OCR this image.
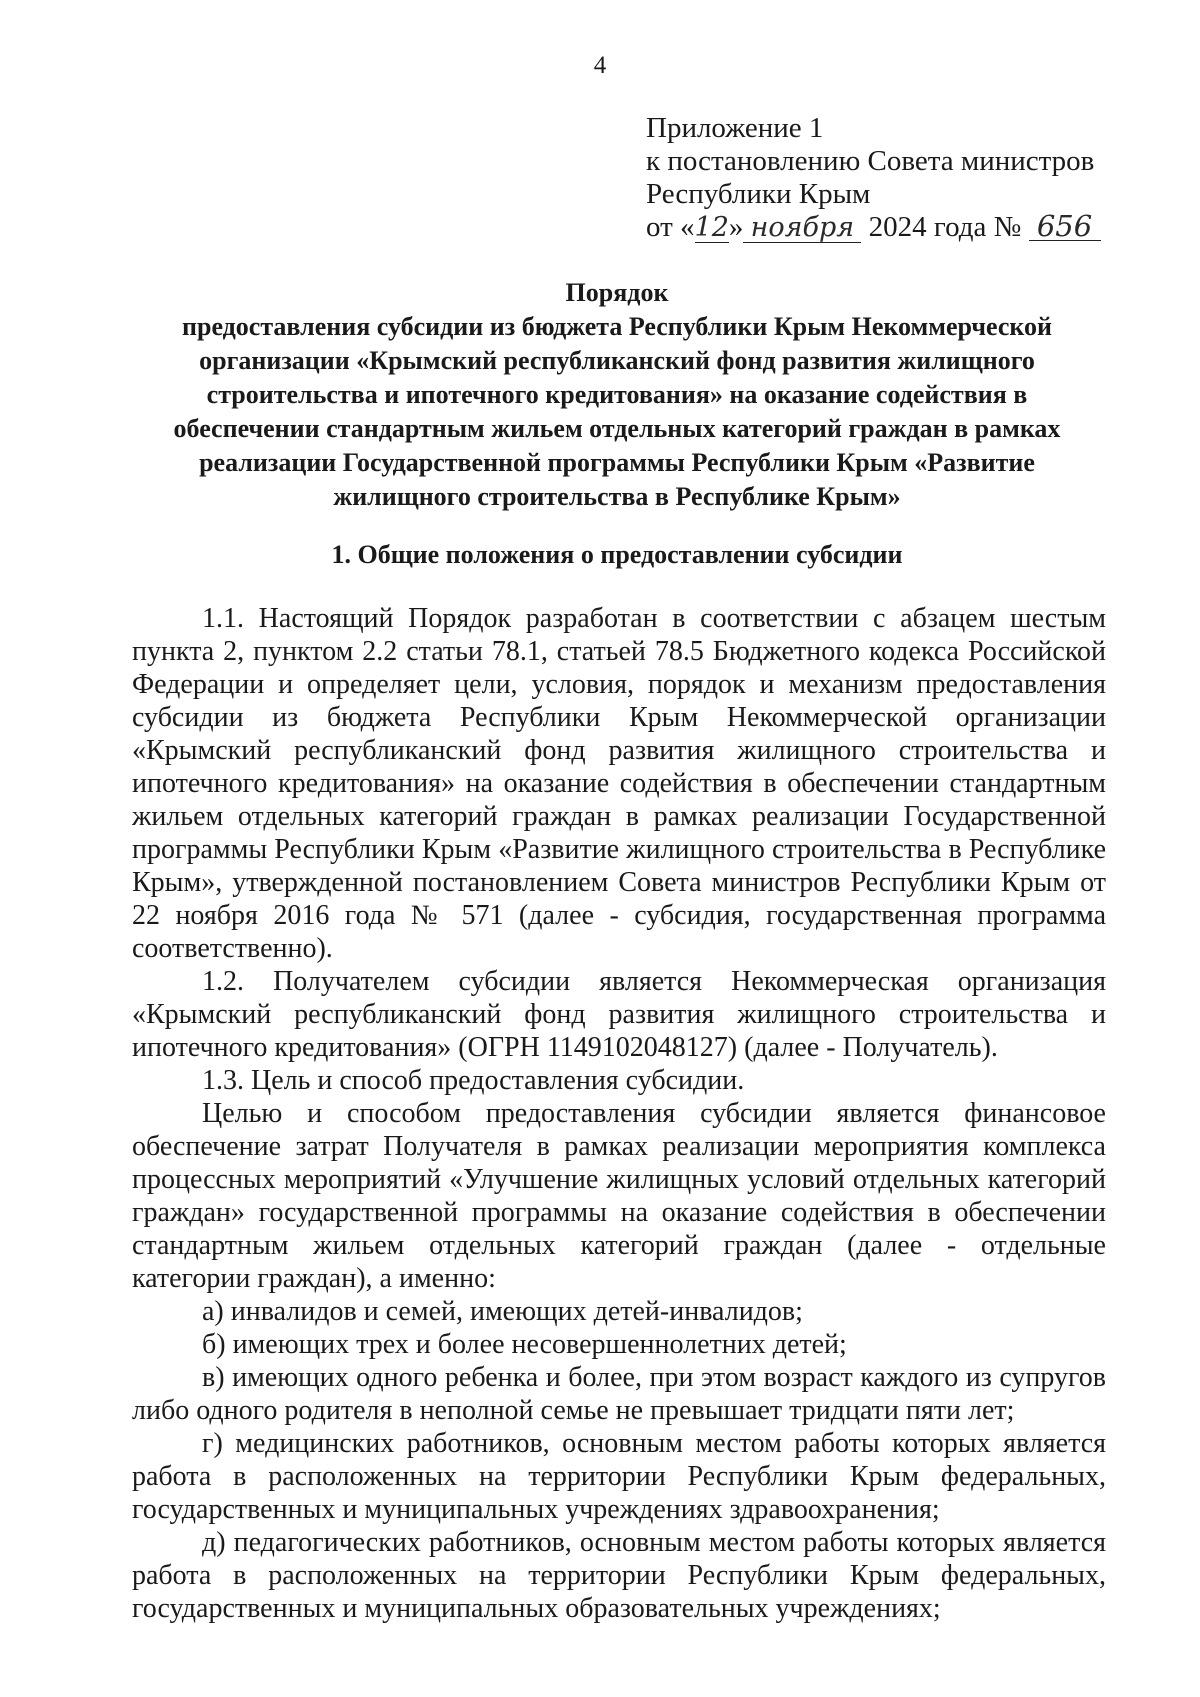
4
Приложение 1
к постановлению Совета министров
Республики Крым
от «12» ноября 2024 года № 656
Порядок
предоставления субсидии из бюджета Республики Крым Некоммерческой организации «Крымский республиканский фонд развития жилищного строительства и ипотечного кредитования» на оказание содействия в обеспечении стандартным жильем отдельных категорий граждан в рамках реализации Государственной программы Республики Крым «Развитие жилищного строительства в Республике Крым»
1. Общие положения о предоставлении субсидии

1.1. Настоящий Порядок разработан в соответствии с абзацем шестым пункта 2, пунктом 2.2 статьи 78.1, статьей 78.5 Бюджетного кодекса Российской Федерации и определяет цели, условия, порядок и механизм предоставления субсидии из бюджета Республики Крым Некоммерческой организации «Крымский республиканский фонд развития жилищного строительства и ипотечного кредитования» на оказание содействия в обеспечении стандартным жильем отдельных категорий граждан в рамках реализации Государственной программы Республики Крым «Развитие жилищного строительства в Республике Крым», утвержденной постановлением Совета министров Республики Крым от 22 ноября 2016 года № 571 (далее - субсидия, государственная программа соответственно).

1.2. Получателем субсидии является Некоммерческая организация «Крымский республиканский фонд развития жилищного строительства и ипотечного кредитования» (ОГРН 1149102048127) (далее - Получатель).

1.3. Цель и способ предоставления субсидии.

Целью и способом предоставления субсидии является финансовое обеспечение затрат Получателя в рамках реализации мероприятия комплекса процессных мероприятий «Улучшение жилищных условий отдельных категорий граждан» государственной программы на оказание содействия в обеспечении стандартным жильем отдельных категорий граждан (далее - отдельные категории граждан), а именно:

а) инвалидов и семей, имеющих детей-инвалидов;

б) имеющих трех и более несовершеннолетних детей;

в) имеющих одного ребенка и более, при этом возраст каждого из супругов либо одного родителя в неполной семье не превышает тридцати пяти лет;

г) медицинских работников, основным местом работы которых является работа в расположенных на территории Республики Крым федеральных, государственных и муниципальных учреждениях здравоохранения;

д) педагогических работников, основным местом работы которых является работа в расположенных на территории Республики Крым федеральных, государственных и муниципальных образовательных учреждениях;
